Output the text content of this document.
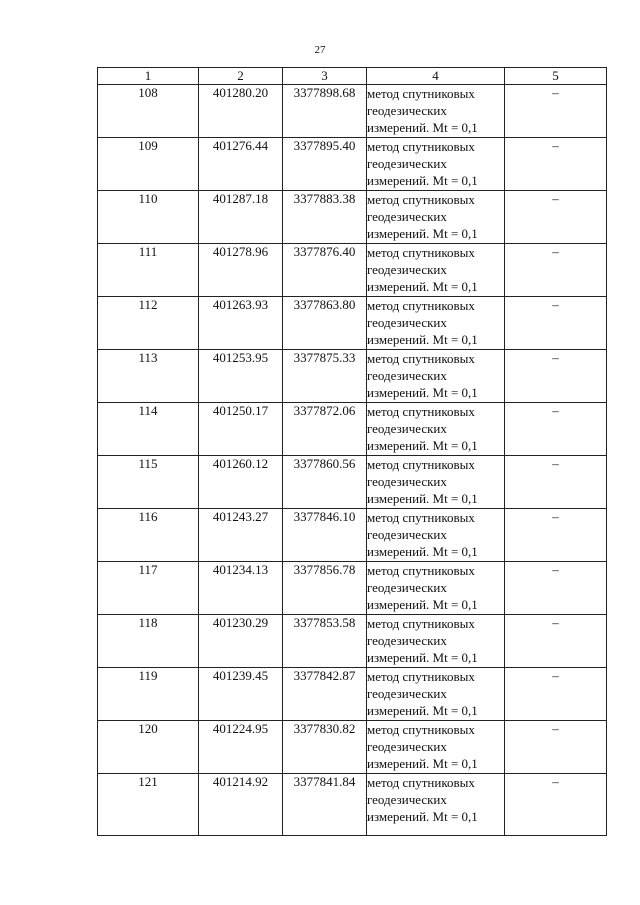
27
1	2	3	4	5
108	401280.20	3377898.68	метод спутниковых геодезических измерений. Mt = 0,1	–
109	401276.44	3377895.40	метод спутниковых геодезических измерений. Mt = 0,1	–
110	401287.18	3377883.38	метод спутниковых геодезических измерений. Mt = 0,1	–
111	401278.96	3377876.40	метод спутниковых геодезических измерений. Mt = 0,1	–
112	401263.93	3377863.80	метод спутниковых геодезических измерений. Mt = 0,1	–
113	401253.95	3377875.33	метод спутниковых геодезических измерений. Mt = 0,1	–
114	401250.17	3377872.06	метод спутниковых геодезических измерений. Mt = 0,1	–
115	401260.12	3377860.56	метод спутниковых геодезических измерений. Mt = 0,1	–
116	401243.27	3377846.10	метод спутниковых геодезических измерений. Mt = 0,1	–
117	401234.13	3377856.78	метод спутниковых геодезических измерений. Mt = 0,1	–
118	401230.29	3377853.58	метод спутниковых геодезических измерений. Mt = 0,1	–
119	401239.45	3377842.87	метод спутниковых геодезических измерений. Mt = 0,1	–
120	401224.95	3377830.82	метод спутниковых геодезических измерений. Mt = 0,1	–
121	401214.92	3377841.84	метод спутниковых геодезических измерений. Mt = 0,1	–
